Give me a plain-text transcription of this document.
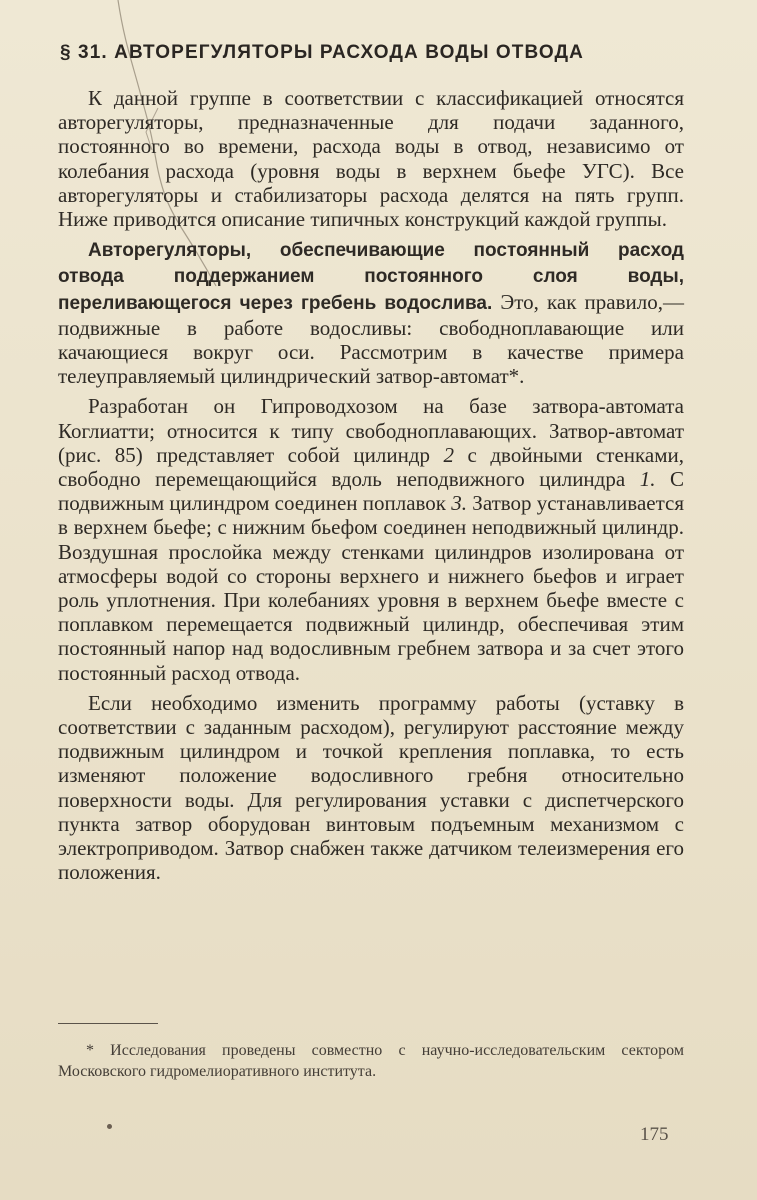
§ 31. АВТОРЕГУЛЯТОРЫ РАСХОДА ВОДЫ ОТВОДА

К данной группе в соответствии с классификацией относятся авторегуляторы, предназначенные для подачи заданного, постоянного во времени, расхода воды в отвод, независимо от колебания расхода (уровня воды в верхнем бьефе УГС). Все авторегуляторы и стабилизаторы расхода делятся на пять групп. Ниже приводится описание типичных конструкций каждой группы.

Авторегуляторы, обеспечивающие постоянный расход отвода поддержанием постоянного слоя воды, переливающегося через гребень водослива. Это, как правило,— подвижные в работе водосливы: свободноплавающие или качающиеся вокруг оси. Рассмотрим в качестве примера телеуправляемый цилиндрический затвор-автомат*.

Разработан он Гипроводхозом на базе затвора-автомата Коглиатти; относится к типу свободноплавающих. Затвор-автомат (рис. 85) представляет собой цилиндр 2 с двойными стенками, свободно перемещающийся вдоль неподвижного цилиндра 1. С подвижным цилиндром соединен поплавок 3. Затвор устанавливается в верхнем бьефе; с нижним бьефом соединен неподвижный цилиндр. Воздушная прослойка между стенками цилиндров изолирована от атмосферы водой со стороны верхнего и нижнего бьефов и играет роль уплотнения. При колебаниях уровня в верхнем бьефе вместе с поплавком перемещается подвижный цилиндр, обеспечивая этим постоянный напор над водосливным гребнем затвора и за счет этого постоянный расход отвода.

Если необходимо изменить программу работы (уставку в соответствии с заданным расходом), регулируют расстояние между подвижным цилиндром и точкой крепления поплавка, то есть изменяют положение водосливного гребня относительно поверхности воды. Для регулирования уставки с диспетчерского пункта затвор оборудован винтовым подъемным механизмом с электроприводом. Затвор снабжен также датчиком телеизмерения его положения.

* Исследования проведены совместно с научно-исследовательским сектором Московского гидромелиоративного института.

175
